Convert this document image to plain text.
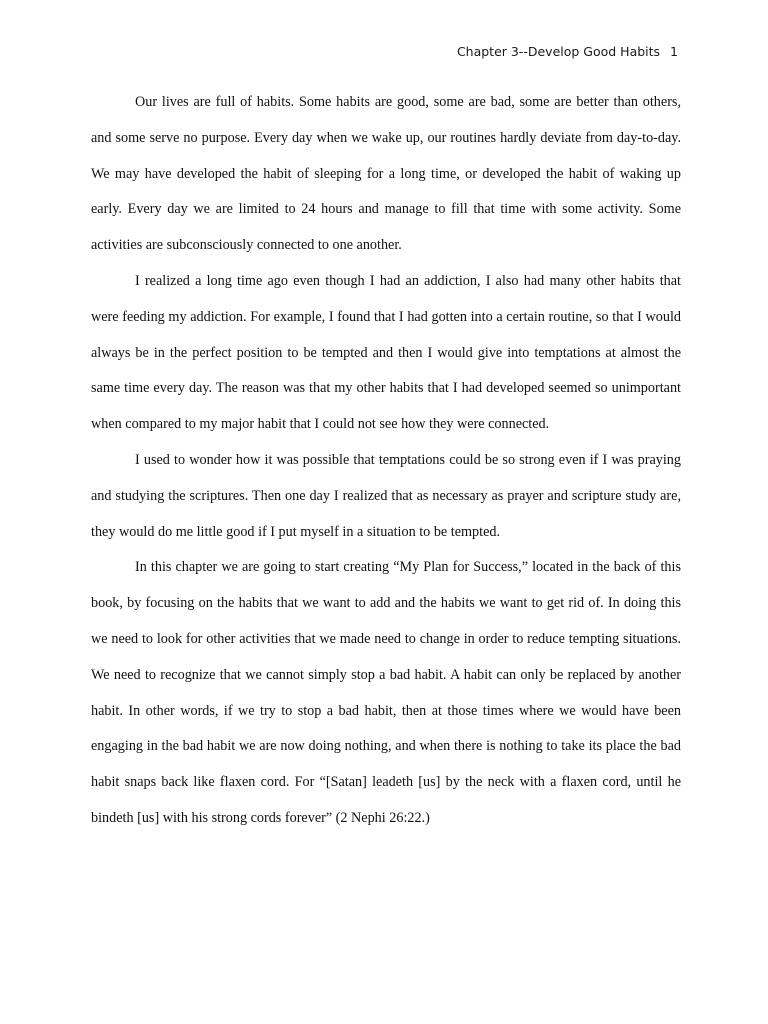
Chapter 3--Develop Good Habits 1

Our lives are full of habits. Some habits are good, some are bad, some are better than others, and some serve no purpose. Every day when we wake up, our routines hardly deviate from day-to-day. We may have developed the habit of sleeping for a long time, or developed the habit of waking up early. Every day we are limited to 24 hours and manage to fill that time with some activity. Some activities are subconsciously connected to one another.

I realized a long time ago even though I had an addiction, I also had many other habits that were feeding my addiction. For example, I found that I had gotten into a certain routine, so that I would always be in the perfect position to be tempted and then I would give into temptations at almost the same time every day. The reason was that my other habits that I had developed seemed so unimportant when compared to my major habit that I could not see how they were connected.

I used to wonder how it was possible that temptations could be so strong even if I was praying and studying the scriptures. Then one day I realized that as necessary as prayer and scripture study are, they would do me little good if I put myself in a situation to be tempted.

In this chapter we are going to start creating “My Plan for Success,” located in the back of this book, by focusing on the habits that we want to add and the habits we want to get rid of. In doing this we need to look for other activities that we made need to change in order to reduce tempting situations. We need to recognize that we cannot simply stop a bad habit. A habit can only be replaced by another habit. In other words, if we try to stop a bad habit, then at those times where we would have been engaging in the bad habit we are now doing nothing, and when there is nothing to take its place the bad habit snaps back like flaxen cord. For “[Satan] leadeth [us] by the neck with a flaxen cord, until he bindeth [us] with his strong cords forever” (2 Nephi 26:22.)
